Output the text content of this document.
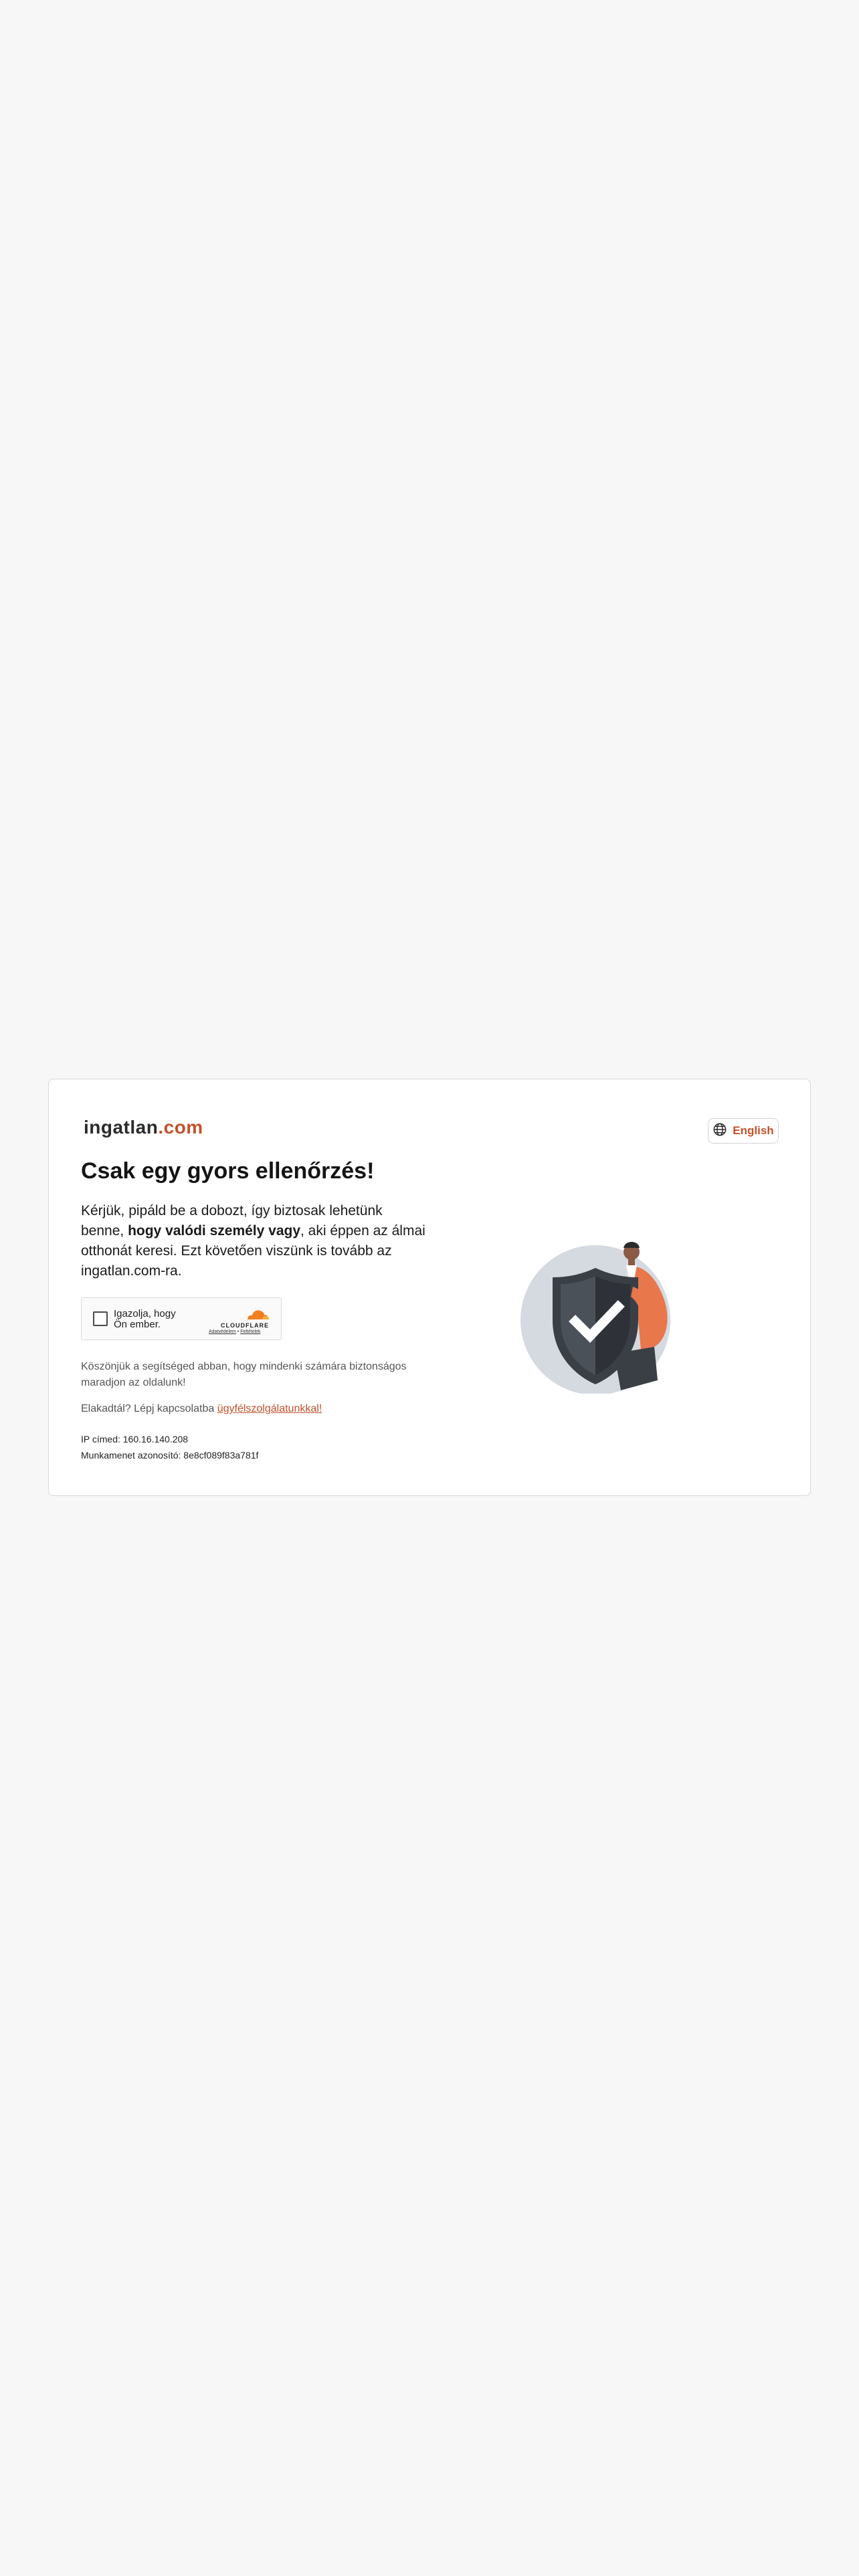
ingatlan.com	English
Csak egy gyors ellenőrzés!

Kérjük, pipáld be a dobozt, így biztosak lehetünk benne, hogy valódi személy vagy, aki éppen az álmai otthonát keresi. Ezt követően viszünk is tovább az ingatlan.com-ra.

Igazolja, hogy Ön ember.	CLOUDFLARE
Adatvédelem • Feltételek

Köszönjük a segítséged abban, hogy mindenki számára biztonságos maradjon az oldalunk!

Elakadtál? Lépj kapcsolatba ügyfélszolgálatunkkal!

IP címed: 160.16.140.208

Munkamenet azonosító: 8e8cf089f83a781f
